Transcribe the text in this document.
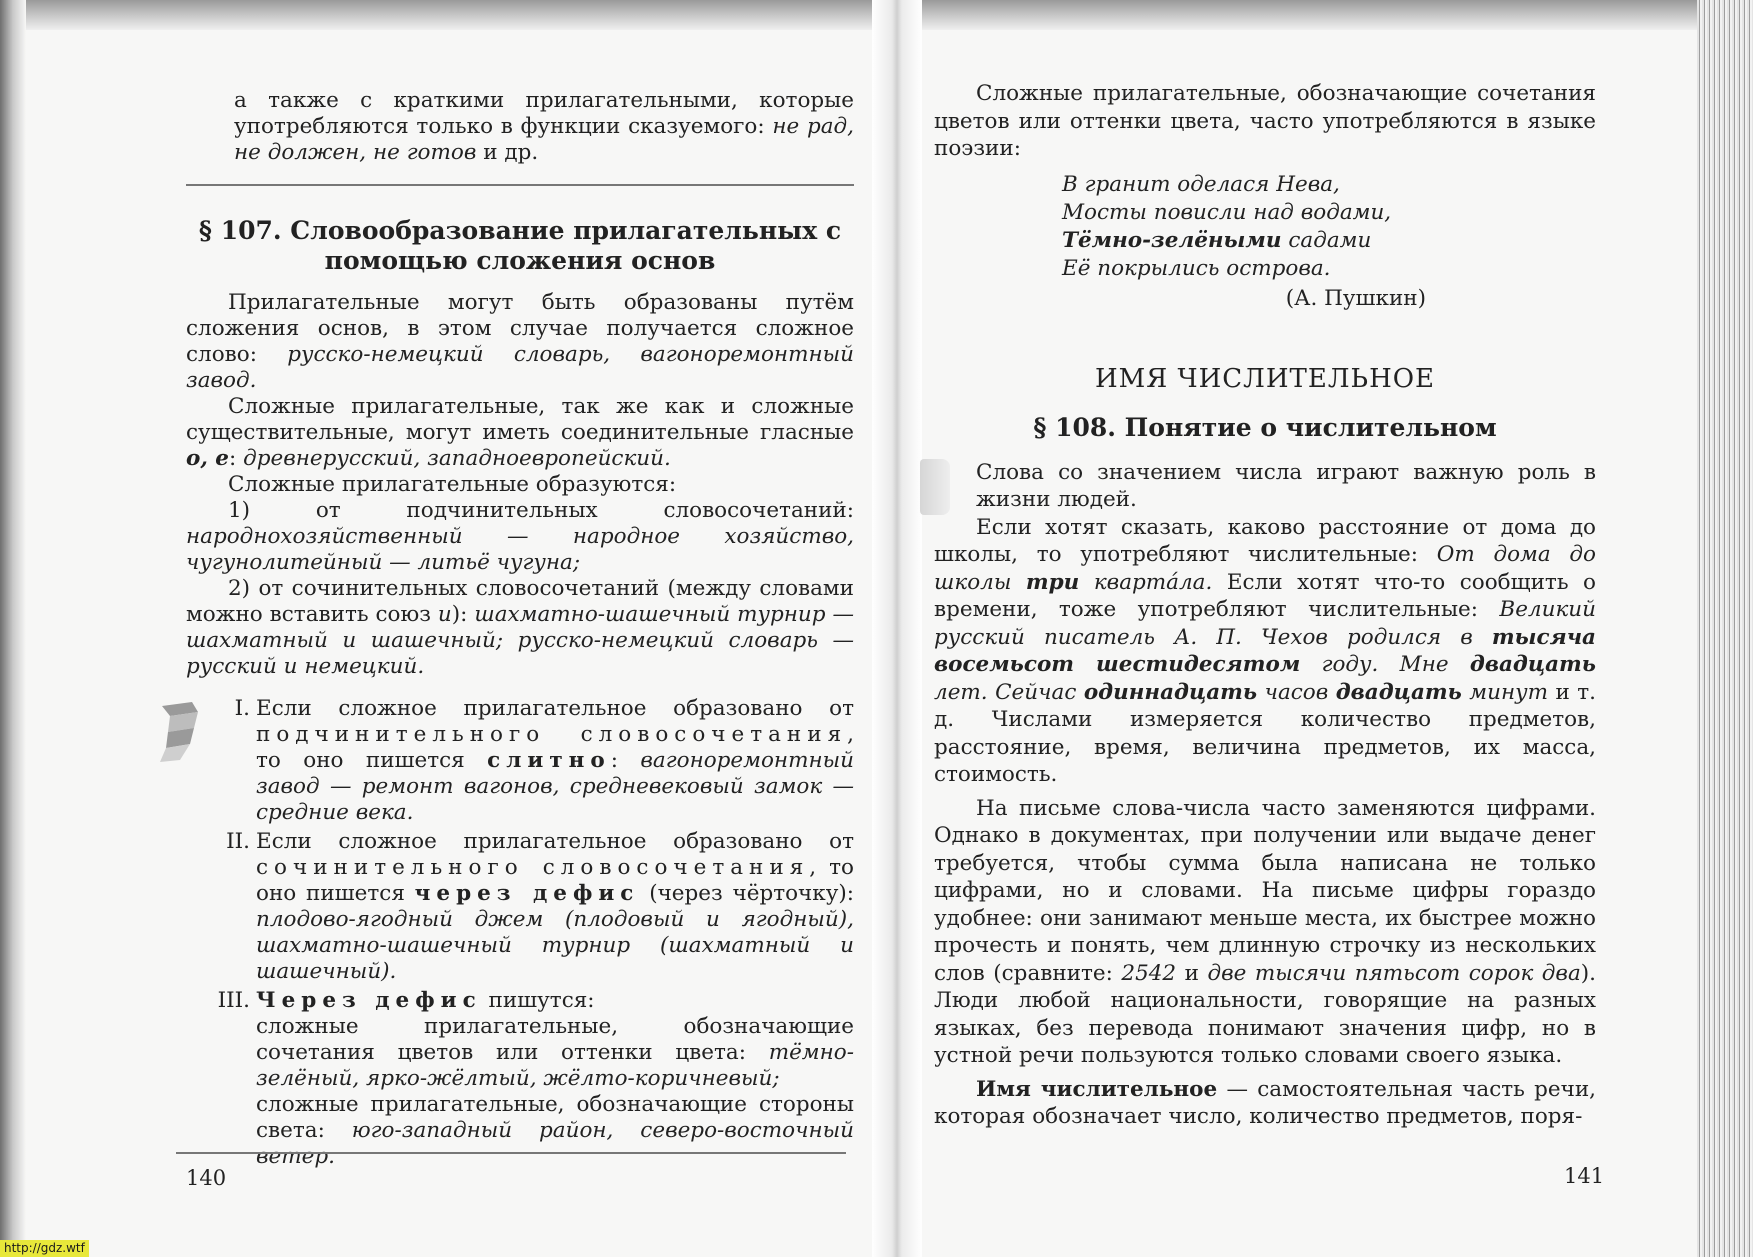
а также с краткими прилагательными, которые употребляются только в функции сказуемого: не рад, не должен, не готов и др.

§ 107. Словообразование прилагательных с помощью сложения основ

Прилагательные могут быть образованы путём сложения основ, в этом случае получается сложное слово: русско-немецкий словарь, вагоноремонтный завод.

Сложные прилагательные, так же как и сложные существительные, могут иметь соединительные гласные о, е: древнерусский, западноевропейский.

Сложные прилагательные образуются:

1) от подчинительных словосочетаний: народнохозяйственный — народное хозяйство, чугунолитейный — литьё чугуна;

2) от сочинительных словосочетаний (между словами можно вставить союз и): шахматно-шашечный турнир — шахматный и шашечный; русско-немецкий словарь — русский и немецкий.

I. Если сложное прилагательное образовано от подчинительного словосочетания, то оно пишется слитно: вагоноремонтный завод — ремонт вагонов, средневековый замок — средние века.
II. Если сложное прилагательное образовано от сочинительного словосочетания, то оно пишется через дефис (через чёрточку): плодово-ягодный джем (плодовый и ягодный), шахматно-шашечный турнир (шахматный и шашечный).
III. Через дефис пишутся:
сложные прилагательные, обозначающие сочетания цветов или оттенки цвета: тёмно-зелёный, ярко-жёлтый, жёлто-коричневый;
сложные прилагательные, обозначающие стороны света: юго-западный район, северо-восточный ветер.
140

Сложные прилагательные, обозначающие сочетания цветов или оттенки цвета, часто употребляются в языке поэзии:

В гранит оделася Нева,
Мосты повисли над водами,
Тёмно-зелёными садами
Её покрылись острова.
(А. Пушкин)
ИМЯ ЧИСЛИТЕЛЬНОЕ
§ 108. Понятие о числительном

Слова со значением числа играют важную роль в жизни людей.

Если хотят сказать, каково расстояние от дома до школы, то употребляют числительные: От дома до школы три квартáла. Если хотят что-то сообщить о времени, тоже употребляют числительные: Великий русский писатель А. П. Чехов родился в тысяча восемьсот шестидесятом году. Мне двадцать лет. Сейчас одиннадцать часов двадцать минут и т. д. Числами измеряется количество предметов, расстояние, время, величина предметов, их масса, стоимость.

На письме слова-числа часто заменяются цифрами. Однако в документах, при получении или выдаче денег требуется, чтобы сумма была написана не только цифрами, но и словами. На письме цифры гораздо удобнее: они занимают меньше места, их быстрее можно прочесть и понять, чем длинную строчку из нескольких слов (сравните: 2542 и две тысячи пятьсот сорок два). Люди любой национальности, говорящие на разных языках, без перевода понимают значения цифр, но в устной речи пользуются только словами своего языка.

Имя числительное — самостоятельная часть речи, которая обозначает число, количество предметов, поря-

141
http://gdz.wtf
